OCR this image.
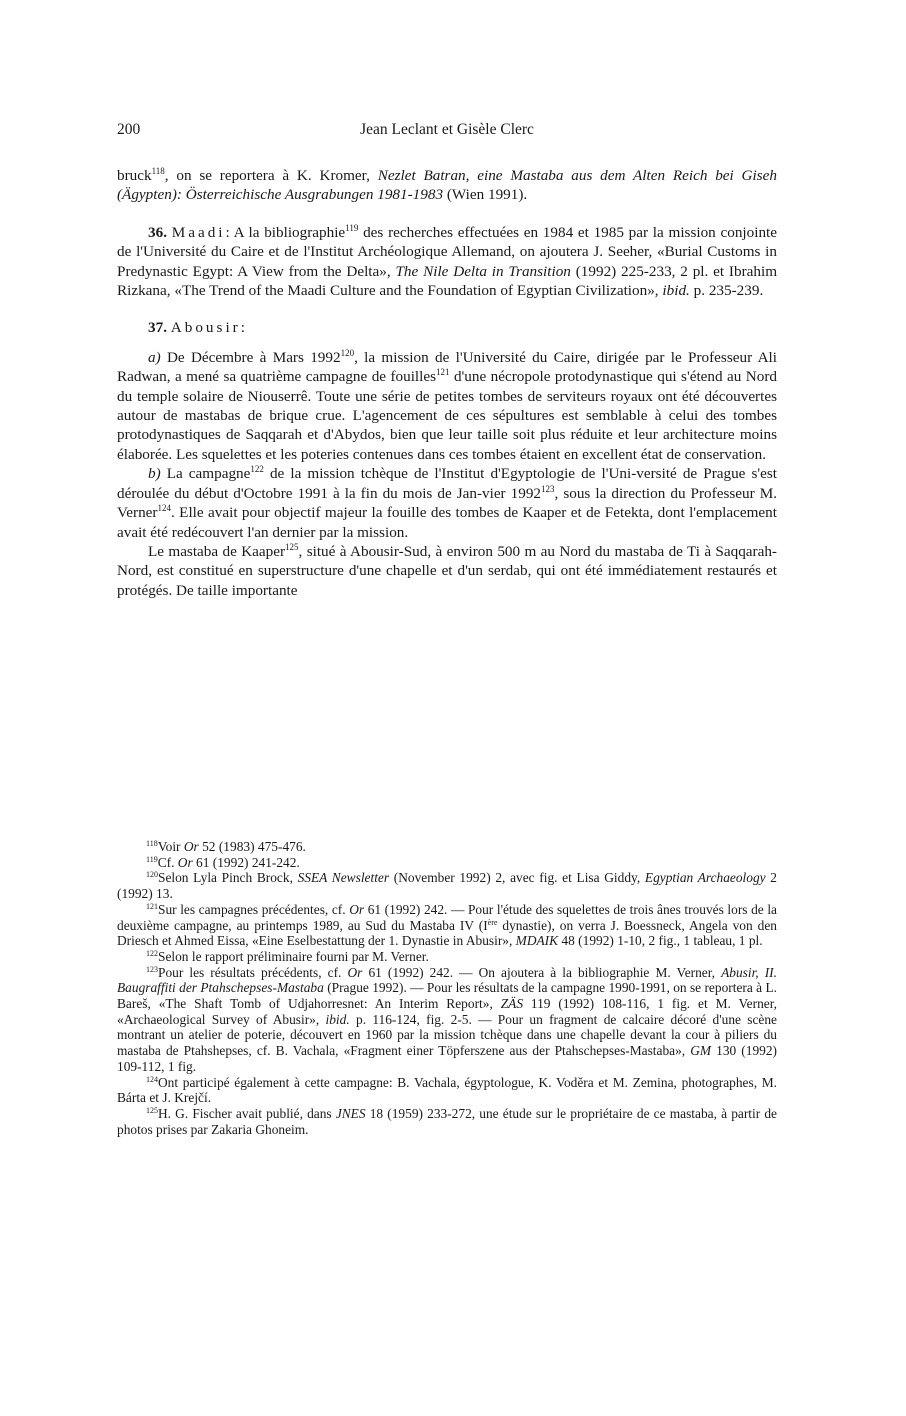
200	Jean Leclant et Gisèle Clerc

bruck$^{118}$, on se reportera à K. Kromer, Nezlet Batran, eine Mastaba aus dem Alten Reich bei Giseh (Ägypten): Österreichische Ausgrabungen 1981-1983 (Wien 1991).

36. Maadi: A la bibliographie$^{119}$ des recherches effectuées en 1984 et 1985 par la mission conjointe de l'Université du Caire et de l'Institut Archéologique Allemand, on ajoutera J. Seeher, «Burial Customs in Predynastic Egypt: A View from the Delta», The Nile Delta in Transition (1992) 225-233, 2 pl. et Ibrahim Rizkana, «The Trend of the Maadi Culture and the Foundation of Egyptian Civilization», ibid. p. 235-239.

37. Abousir:

a) De Décembre à Mars 1992$^{120}$, la mission de l'Université du Caire, dirigée par le Professeur Ali Radwan, a mené sa quatrième campagne de fouilles$^{121}$ d'une nécropole protodynastique qui s'étend au Nord du temple solaire de Niouserrê. Toute une série de petites tombes de serviteurs royaux ont été découvertes autour de mastabas de brique crue. L'agencement de ces sépultures est semblable à celui des tombes protodynastiques de Saqqarah et d'Abydos, bien que leur taille soit plus réduite et leur architecture moins élaborée. Les squelettes et les poteries contenues dans ces tombes étaient en excellent état de conservation.

b) La campagne$^{122}$ de la mission tchèque de l'Institut d'Egyptologie de l'Uni-versité de Prague s'est déroulée du début d'Octobre 1991 à la fin du mois de Jan-vier 1992$^{123}$, sous la direction du Professeur M. Verner$^{124}$. Elle avait pour objectif majeur la fouille des tombes de Kaaper et de Fetekta, dont l'emplacement avait été redécouvert l'an dernier par la mission.

Le mastaba de Kaaper$^{125}$, situé à Abousir-Sud, à environ 500 m au Nord du mastaba de Ti à Saqqarah-Nord, est constitué en superstructure d'une chapelle et d'un serdab, qui ont été immédiatement restaurés et protégés. De taille importante

$^{118}$Voir Or 52 (1983) 475-476.

$^{119}$Cf. Or 61 (1992) 241-242.

$^{120}$Selon Lyla Pinch Brock, SSEA Newsletter (November 1992) 2, avec fig. et Lisa Giddy, Egyptian Archaeology 2 (1992) 13.

$^{121}$Sur les campagnes précédentes, cf. Or 61 (1992) 242. — Pour l'étude des squelettes de trois ânes trouvés lors de la deuxième campagne, au printemps 1989, au Sud du Mastaba IV (Ière dynastie), on verra J. Boessneck, Angela von den Driesch et Ahmed Eissa, «Eine Eselbestattung der 1. Dynastie in Abusir», MDAIK 48 (1992) 1-10, 2 fig., 1 tableau, 1 pl.

$^{122}$Selon le rapport préliminaire fourni par M. Verner.

$^{123}$Pour les résultats précédents, cf. Or 61 (1992) 242. — On ajoutera à la bibliographie M. Verner, Abusir, II. Baugraffiti der Ptahschepses-Mastaba (Prague 1992). — Pour les résultats de la campagne 1990-1991, on se reportera à L. Bareš, «The Shaft Tomb of Udjahorresnet: An Interim Report», ZÄS 119 (1992) 108-116, 1 fig. et M. Verner, «Archaeological Survey of Abusir», ibid. p. 116-124, fig. 2-5. — Pour un fragment de calcaire décoré d'une scène montrant un atelier de poterie, découvert en 1960 par la mission tchèque dans une chapelle devant la cour à piliers du mastaba de Ptahshepses, cf. B. Vachala, «Fragment einer Töpferszene aus der Ptahschepses-Mastaba», GM 130 (1992) 109-112, 1 fig.

$^{124}$Ont participé également à cette campagne: B. Vachala, égyptologue, K. Voděra et M. Zemina, photographes, M. Bárta et J. Krejčí.

$^{125}$H. G. Fischer avait publié, dans JNES 18 (1959) 233-272, une étude sur le propriétaire de ce mastaba, à partir de photos prises par Zakaria Ghoneim.
